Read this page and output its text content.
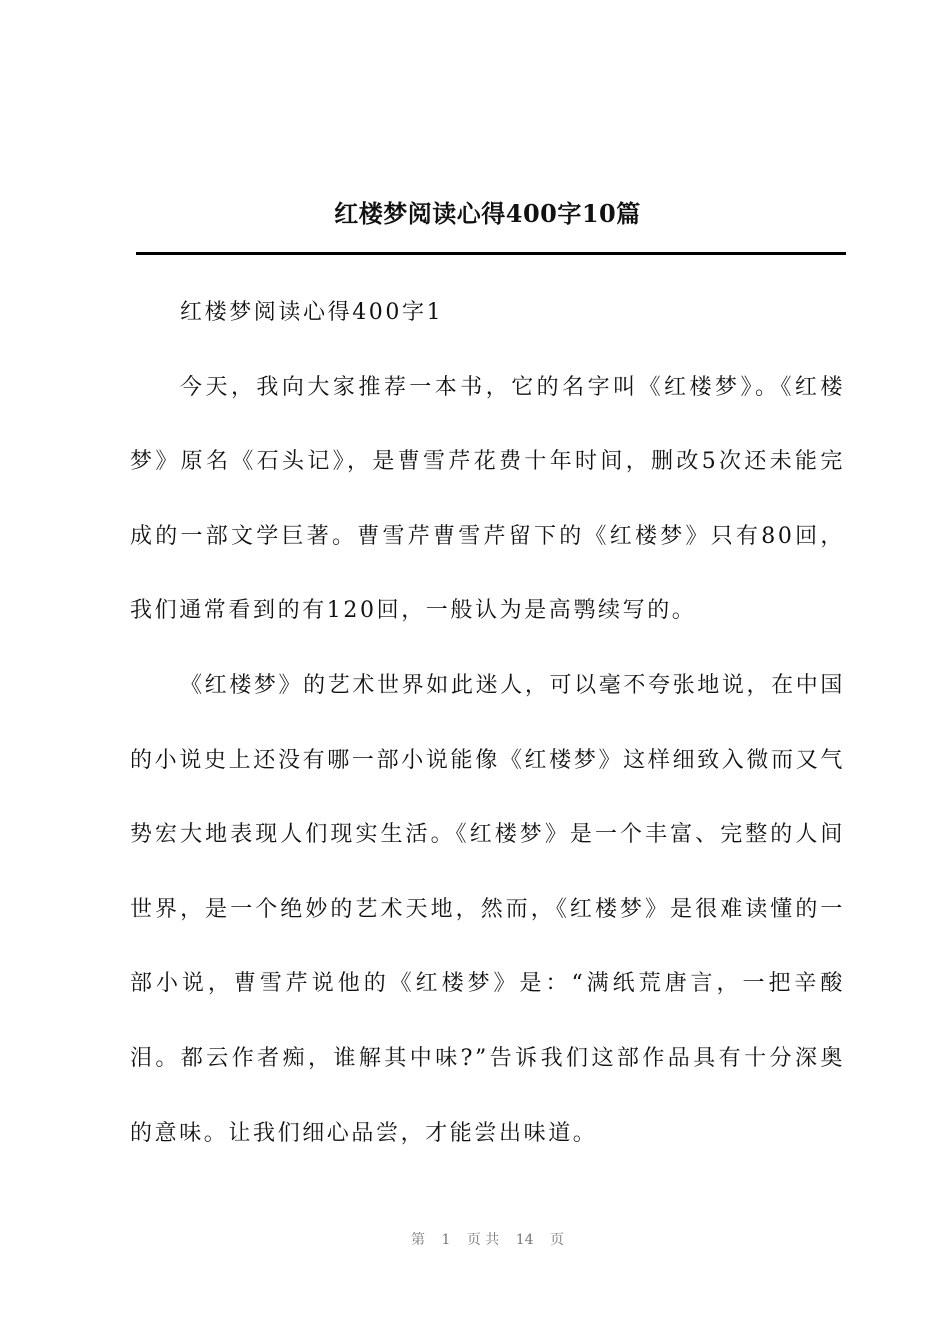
红楼梦阅读心得400字10篇

红楼梦阅读心得400字1

今天，我向大家推荐一本书，它的名字叫《红楼梦》。《红楼梦》原名《石头记》，是曹雪芹花费十年时间，删改5次还未能完成的一部文学巨著。曹雪芹曹雪芹留下的《红楼梦》只有80回，我们通常看到的有120回，一般认为是高鹗续写的。

《红楼梦》的艺术世界如此迷人，可以毫不夸张地说，在中国的小说史上还没有哪一部小说能像《红楼梦》这样细致入微而又气势宏大地表现人们现实生活。《红楼梦》是一个丰富、完整的人间世界，是一个绝妙的艺术天地，然而，《红楼梦》是很难读懂的一部小说，曹雪芹说他的《红楼梦》是：“满纸荒唐言，一把辛酸泪。都云作者痴，谁解其中味?”告诉我们这部作品具有十分深奥的意味。让我们细心品尝，才能尝出味道。

第 1 页 共 14 页
